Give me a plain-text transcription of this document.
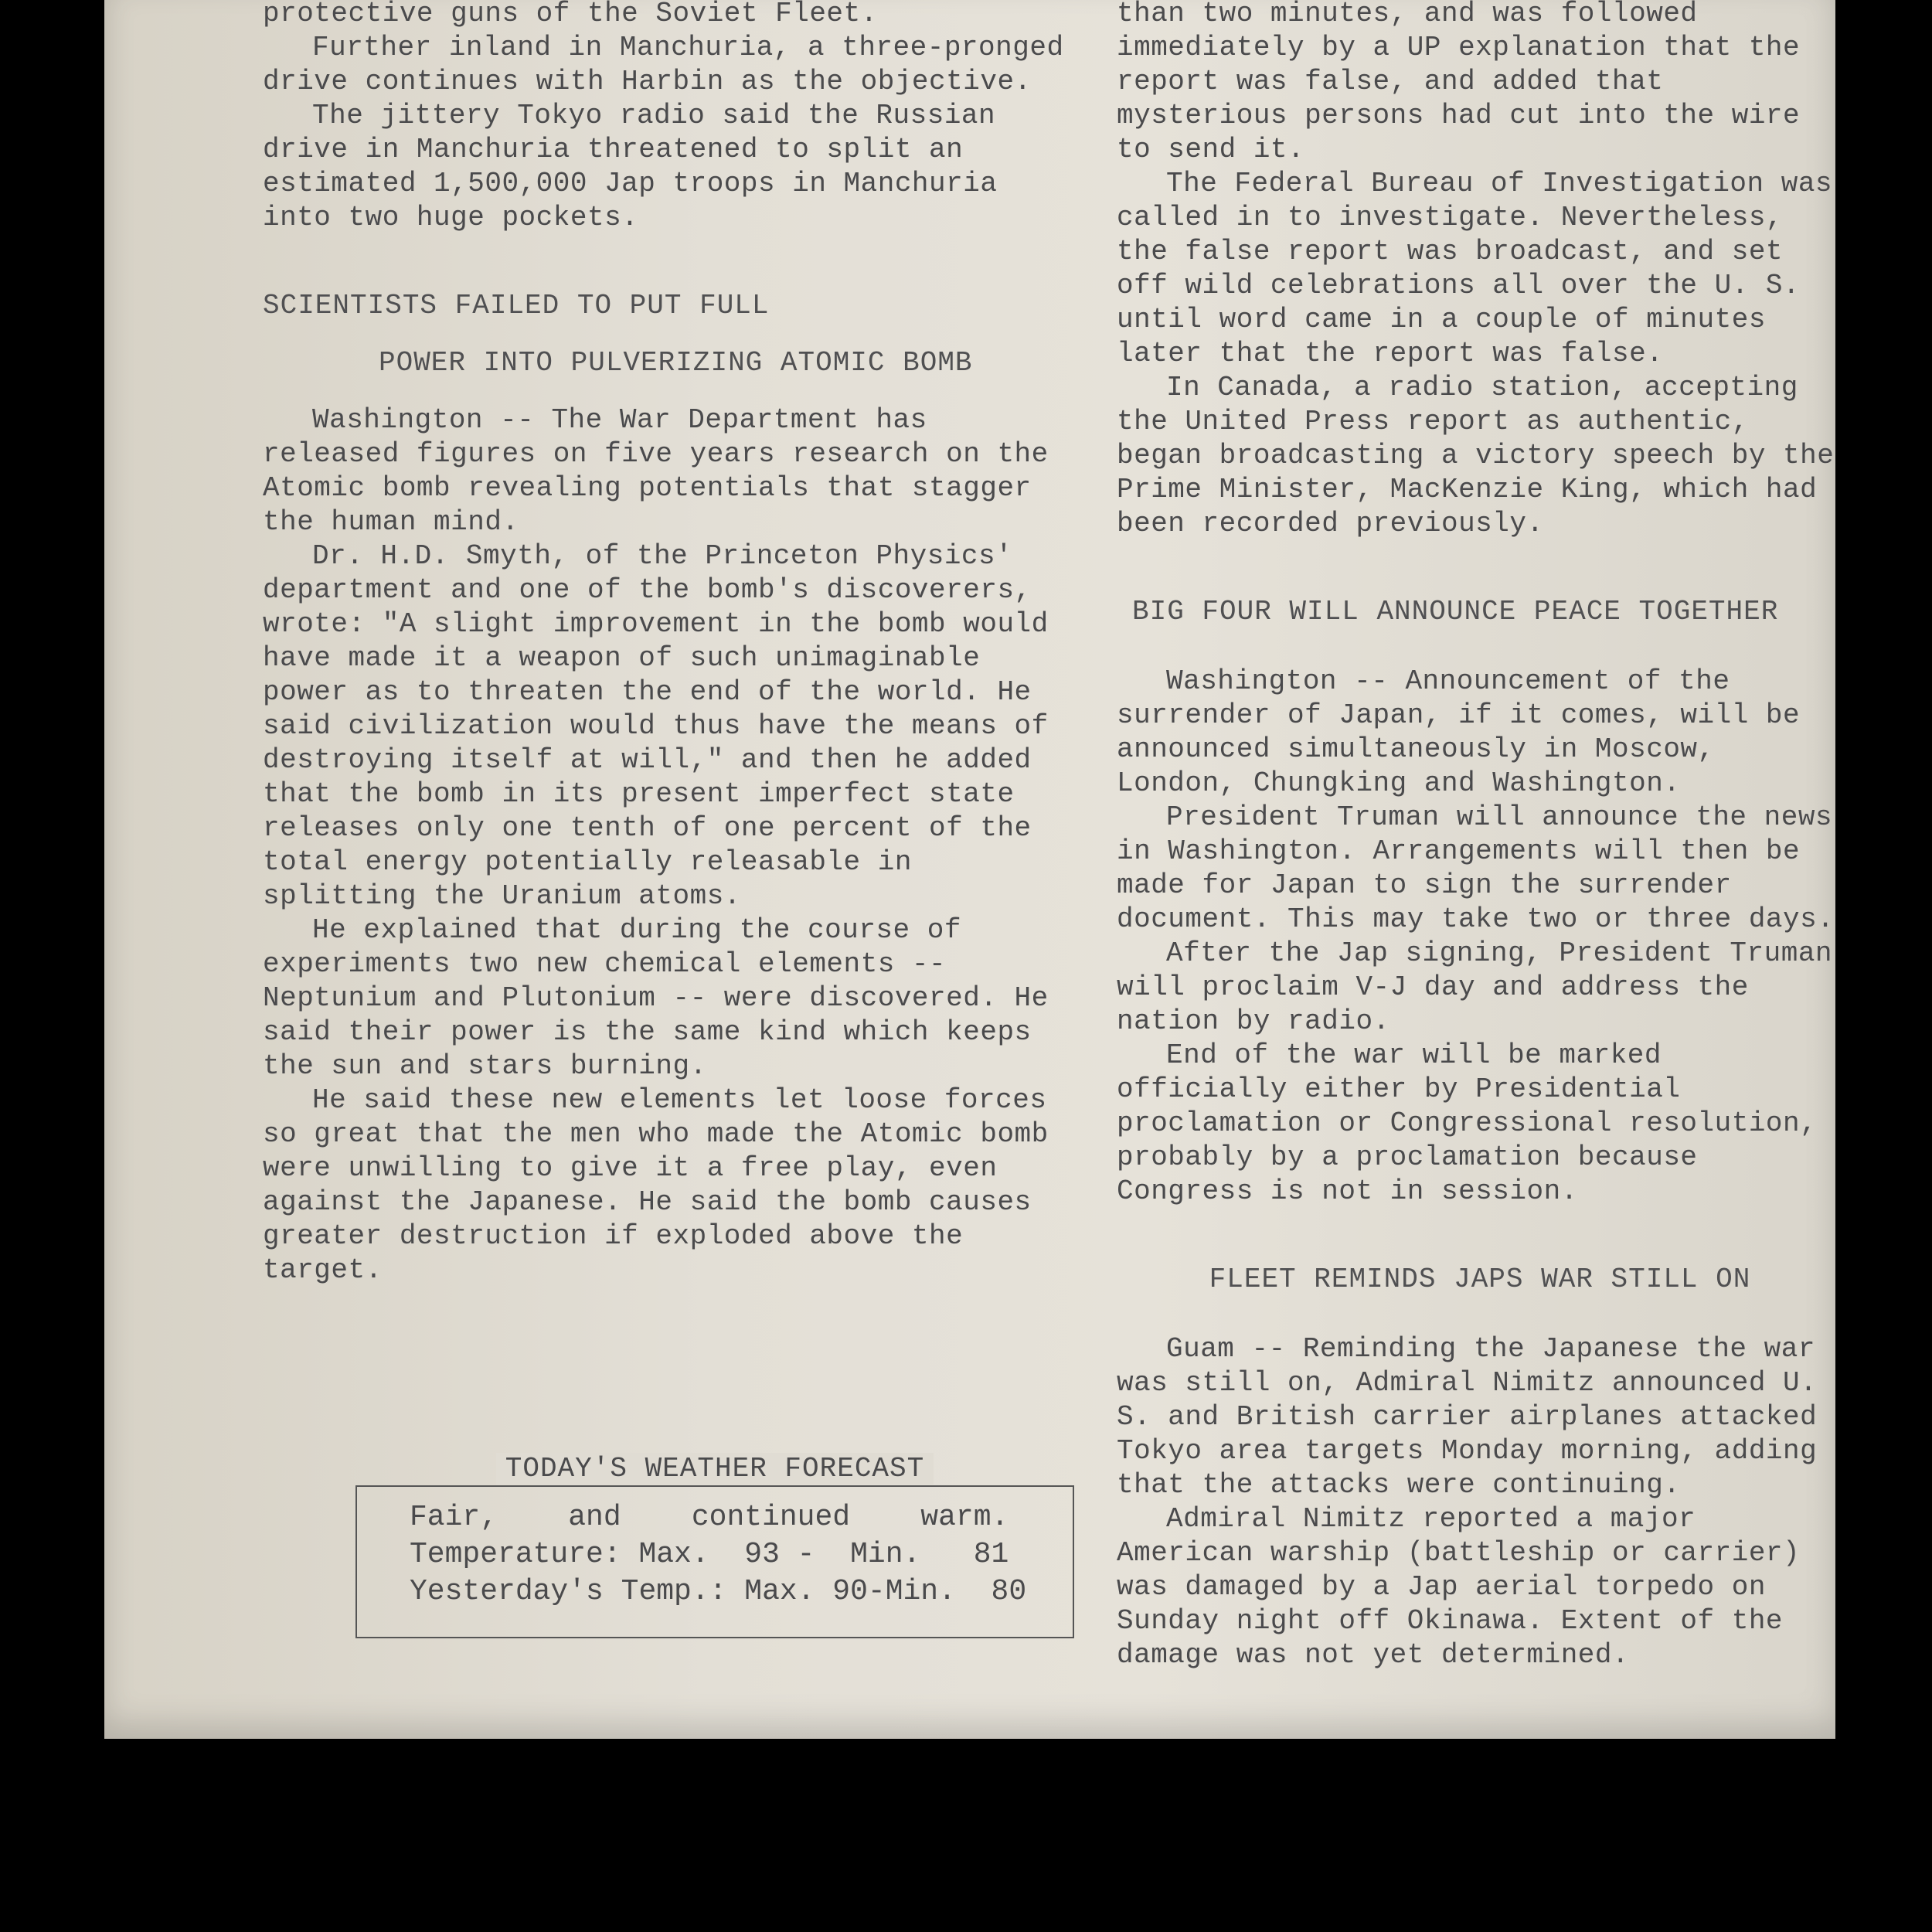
protective guns of the Soviet Fleet.

Further inland in Manchuria, a three-pronged drive continues with Harbin as the objective.

The jittery Tokyo radio said the Russian drive in Manchuria threatened to split an estimated 1,500,000 Jap troops in Manchuria into two huge pockets.

SCIENTISTS FAILED TO PUT FULL

POWER INTO PULVERIZING ATOMIC BOMB

Washington -- The War Department has released figures on five years research on the Atomic bomb revealing potentials that stagger the human mind.

Dr. H.D. Smyth, of the Princeton Physics' department and one of the bomb's discoverers, wrote: "A slight improvement in the bomb would have made it a weapon of such unimaginable power as to threaten the end of the world. He said civilization would thus have the means of destroying itself at will," and then he added that the bomb in its present imperfect state releases only one tenth of one percent of the total energy potentially releasable in splitting the Uranium atoms.

He explained that during the course of experiments two new chemical elements -- Neptunium and Plutonium -- were discovered. He said their power is the same kind which keeps the sun and stars burning.

He said these new elements let loose forces so great that the men who made the Atomic bomb were unwilling to give it a free play, even against the Japanese. He said the bomb causes greater destruction if exploded above the target.

TODAY'S WEATHER FORECAST
Fair,    and    continued    warm.
Temperature: Max.  93 -  Min.   81
Yesterday's Temp.: Max. 90-Min.  80

than two minutes, and was followed immediately by a UP explanation that the report was false, and added that mysterious persons had cut into the wire to send it.

The Federal Bureau of Investigation was called in to investigate. Nevertheless, the false report was broadcast, and set off wild celebrations all over the U. S. until word came in a couple of minutes later that the report was false.

In Canada, a radio station, accepting the United Press report as authentic, began broadcasting a victory speech by the Prime Minister, MacKenzie King, which had been recorded previously.

BIG FOUR WILL ANNOUNCE PEACE TOGETHER

Washington -- Announcement of the surrender of Japan, if it comes, will be announced simultaneously in Moscow, London, Chungking and Washington.

President Truman will announce the news in Washington. Arrangements will then be made for Japan to sign the surrender document. This may take two or three days.

After the Jap signing, President Truman will proclaim V-J day and address the nation by radio.

End of the war will be marked officially either by Presidential proclamation or Congressional resolution, probably by a proclamation because Congress is not in session.

FLEET REMINDS JAPS WAR STILL ON

Guam -- Reminding the Japanese the war was still on, Admiral Nimitz announced U. S. and British carrier airplanes attacked Tokyo area targets Monday morning, adding that the attacks were continuing.

Admiral Nimitz reported a major American warship (battleship or carrier) was damaged by a Jap aerial torpedo on Sunday night off Okinawa. Extent of the damage was not yet determined.
